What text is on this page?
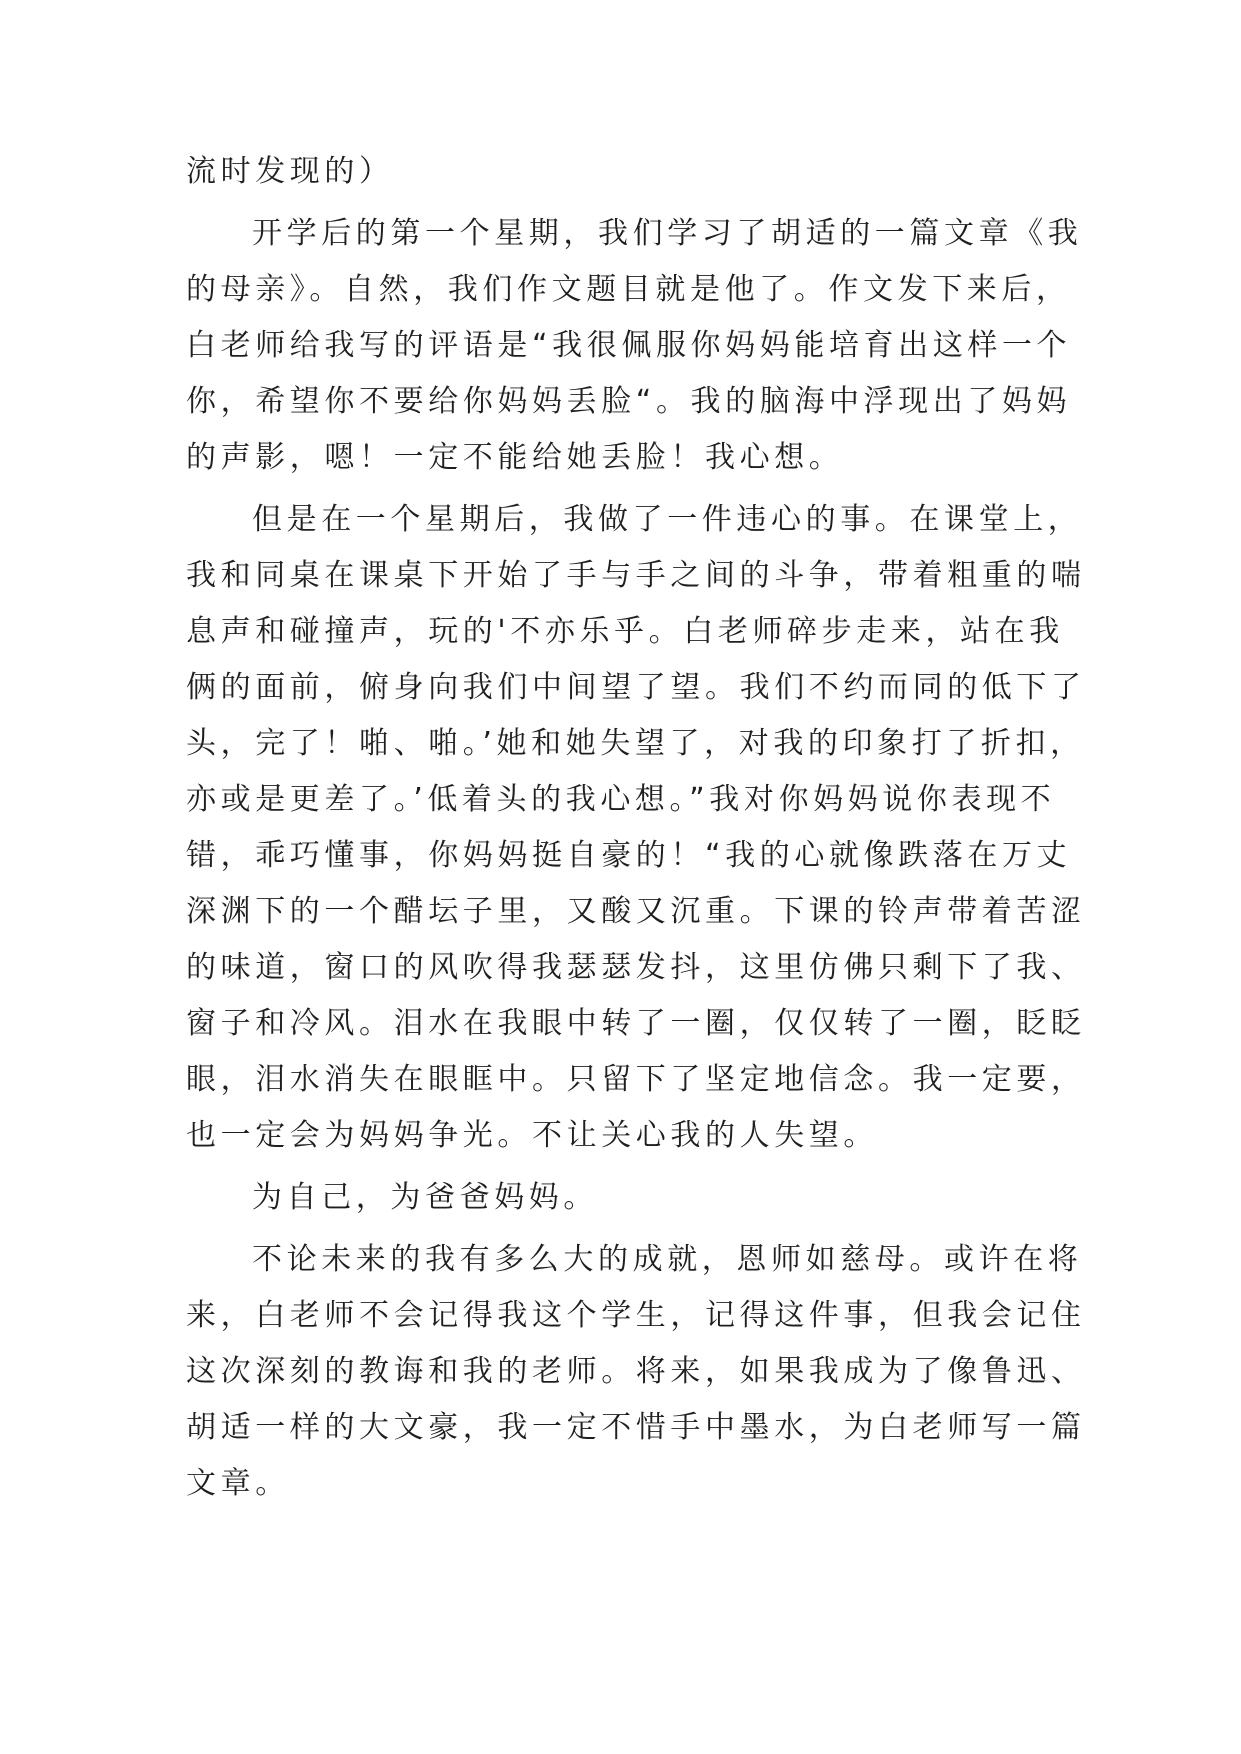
流时发现的）
开学后的第一个星期，我们学习了胡适的一篇文章《我
的母亲》。自然，我们作文题目就是他了。作文发下来后，
白老师给我写的评语是“我很佩服你妈妈能培育出这样一个
你，希望你不要给你妈妈丢脸“。我的脑海中浮现出了妈妈
的声影，嗯！一定不能给她丢脸！我心想。
但是在一个星期后，我做了一件违心的事。在课堂上，
我和同桌在课桌下开始了手与手之间的斗争，带着粗重的喘
息声和碰撞声，玩的'不亦乐乎。白老师碎步走来，站在我
俩的面前，俯身向我们中间望了望。我们不约而同的低下了
头，完了！啪、啪。’她和她失望了，对我的印象打了折扣，
亦或是更差了。’低着头的我心想。”我对你妈妈说你表现不
错，乖巧懂事，你妈妈挺自豪的！“我的心就像跌落在万丈
深渊下的一个醋坛子里，又酸又沉重。下课的铃声带着苦涩
的味道，窗口的风吹得我瑟瑟发抖，这里仿佛只剩下了我、
窗子和冷风。泪水在我眼中转了一圈，仅仅转了一圈，眨眨
眼，泪水消失在眼眶中。只留下了坚定地信念。我一定要，
也一定会为妈妈争光。不让关心我的人失望。
为自己，为爸爸妈妈。
不论未来的我有多么大的成就，恩师如慈母。或许在将
来，白老师不会记得我这个学生，记得这件事，但我会记住
这次深刻的教诲和我的老师。将来，如果我成为了像鲁迅、
胡适一样的大文豪，我一定不惜手中墨水，为白老师写一篇
文章。
